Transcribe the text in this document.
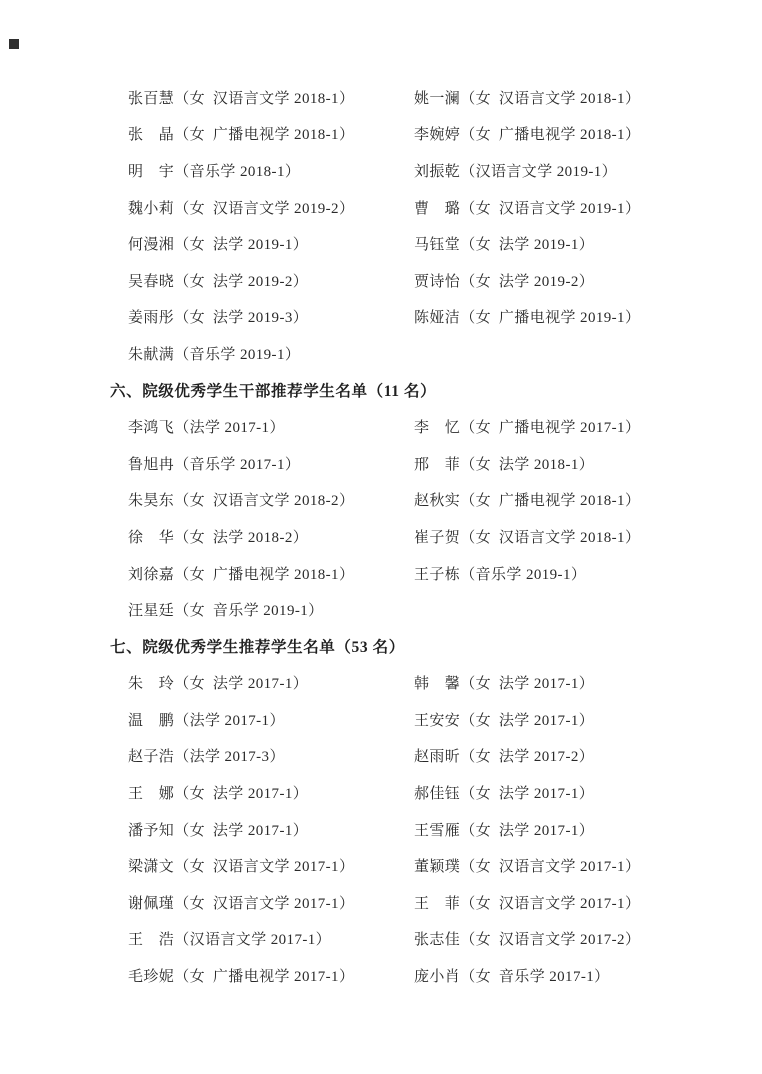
张百慧（女 汉语言文学 2018-1）	姚一澜（女 汉语言文学 2018-1）
张　晶（女 广播电视学 2018-1）	李婉婷（女 广播电视学 2018-1）
明　宇（音乐学 2018-1）	刘振乾（汉语言文学 2019-1）
魏小莉（女 汉语言文学 2019-2）	曹　璐（女 汉语言文学 2019-1）
何漫湘（女 法学 2019-1）	马钰堂（女 法学 2019-1）
吴春晓（女 法学 2019-2）	贾诗怡（女 法学 2019-2）
姜雨彤（女 法学 2019-3）	陈娅洁（女 广播电视学 2019-1）
朱献满（音乐学 2019-1）
六、院级优秀学生干部推荐学生名单（11 名）
李鸿飞（法学 2017-1）	李　忆（女 广播电视学 2017-1）
鲁旭冉（音乐学 2017-1）	邢　菲（女 法学 2018-1）
朱昊东（女 汉语言文学 2018-2）	赵秋实（女 广播电视学 2018-1）
徐　华（女 法学 2018-2）	崔子贺（女 汉语言文学 2018-1）
刘徐嘉（女 广播电视学 2018-1）	王子栋（音乐学 2019-1）
汪星廷（女 音乐学 2019-1）
七、院级优秀学生推荐学生名单（53 名）
朱　玲（女 法学 2017-1）	韩　馨（女 法学 2017-1）
温　鹏（法学 2017-1）	王安安（女 法学 2017-1）
赵子浩（法学 2017-3）	赵雨昕（女 法学 2017-2）
王　娜（女 法学 2017-1）	郝佳钰（女 法学 2017-1）
潘予知（女 法学 2017-1）	王雪雁（女 法学 2017-1）
梁潇文（女 汉语言文学 2017-1）	董颖璞（女 汉语言文学 2017-1）
谢佩瑾（女 汉语言文学 2017-1）	王　菲（女 汉语言文学 2017-1）
王　浩（汉语言文学 2017-1）	张志佳（女 汉语言文学 2017-2）
毛珍妮（女 广播电视学 2017-1）	庞小肖（女 音乐学 2017-1）
